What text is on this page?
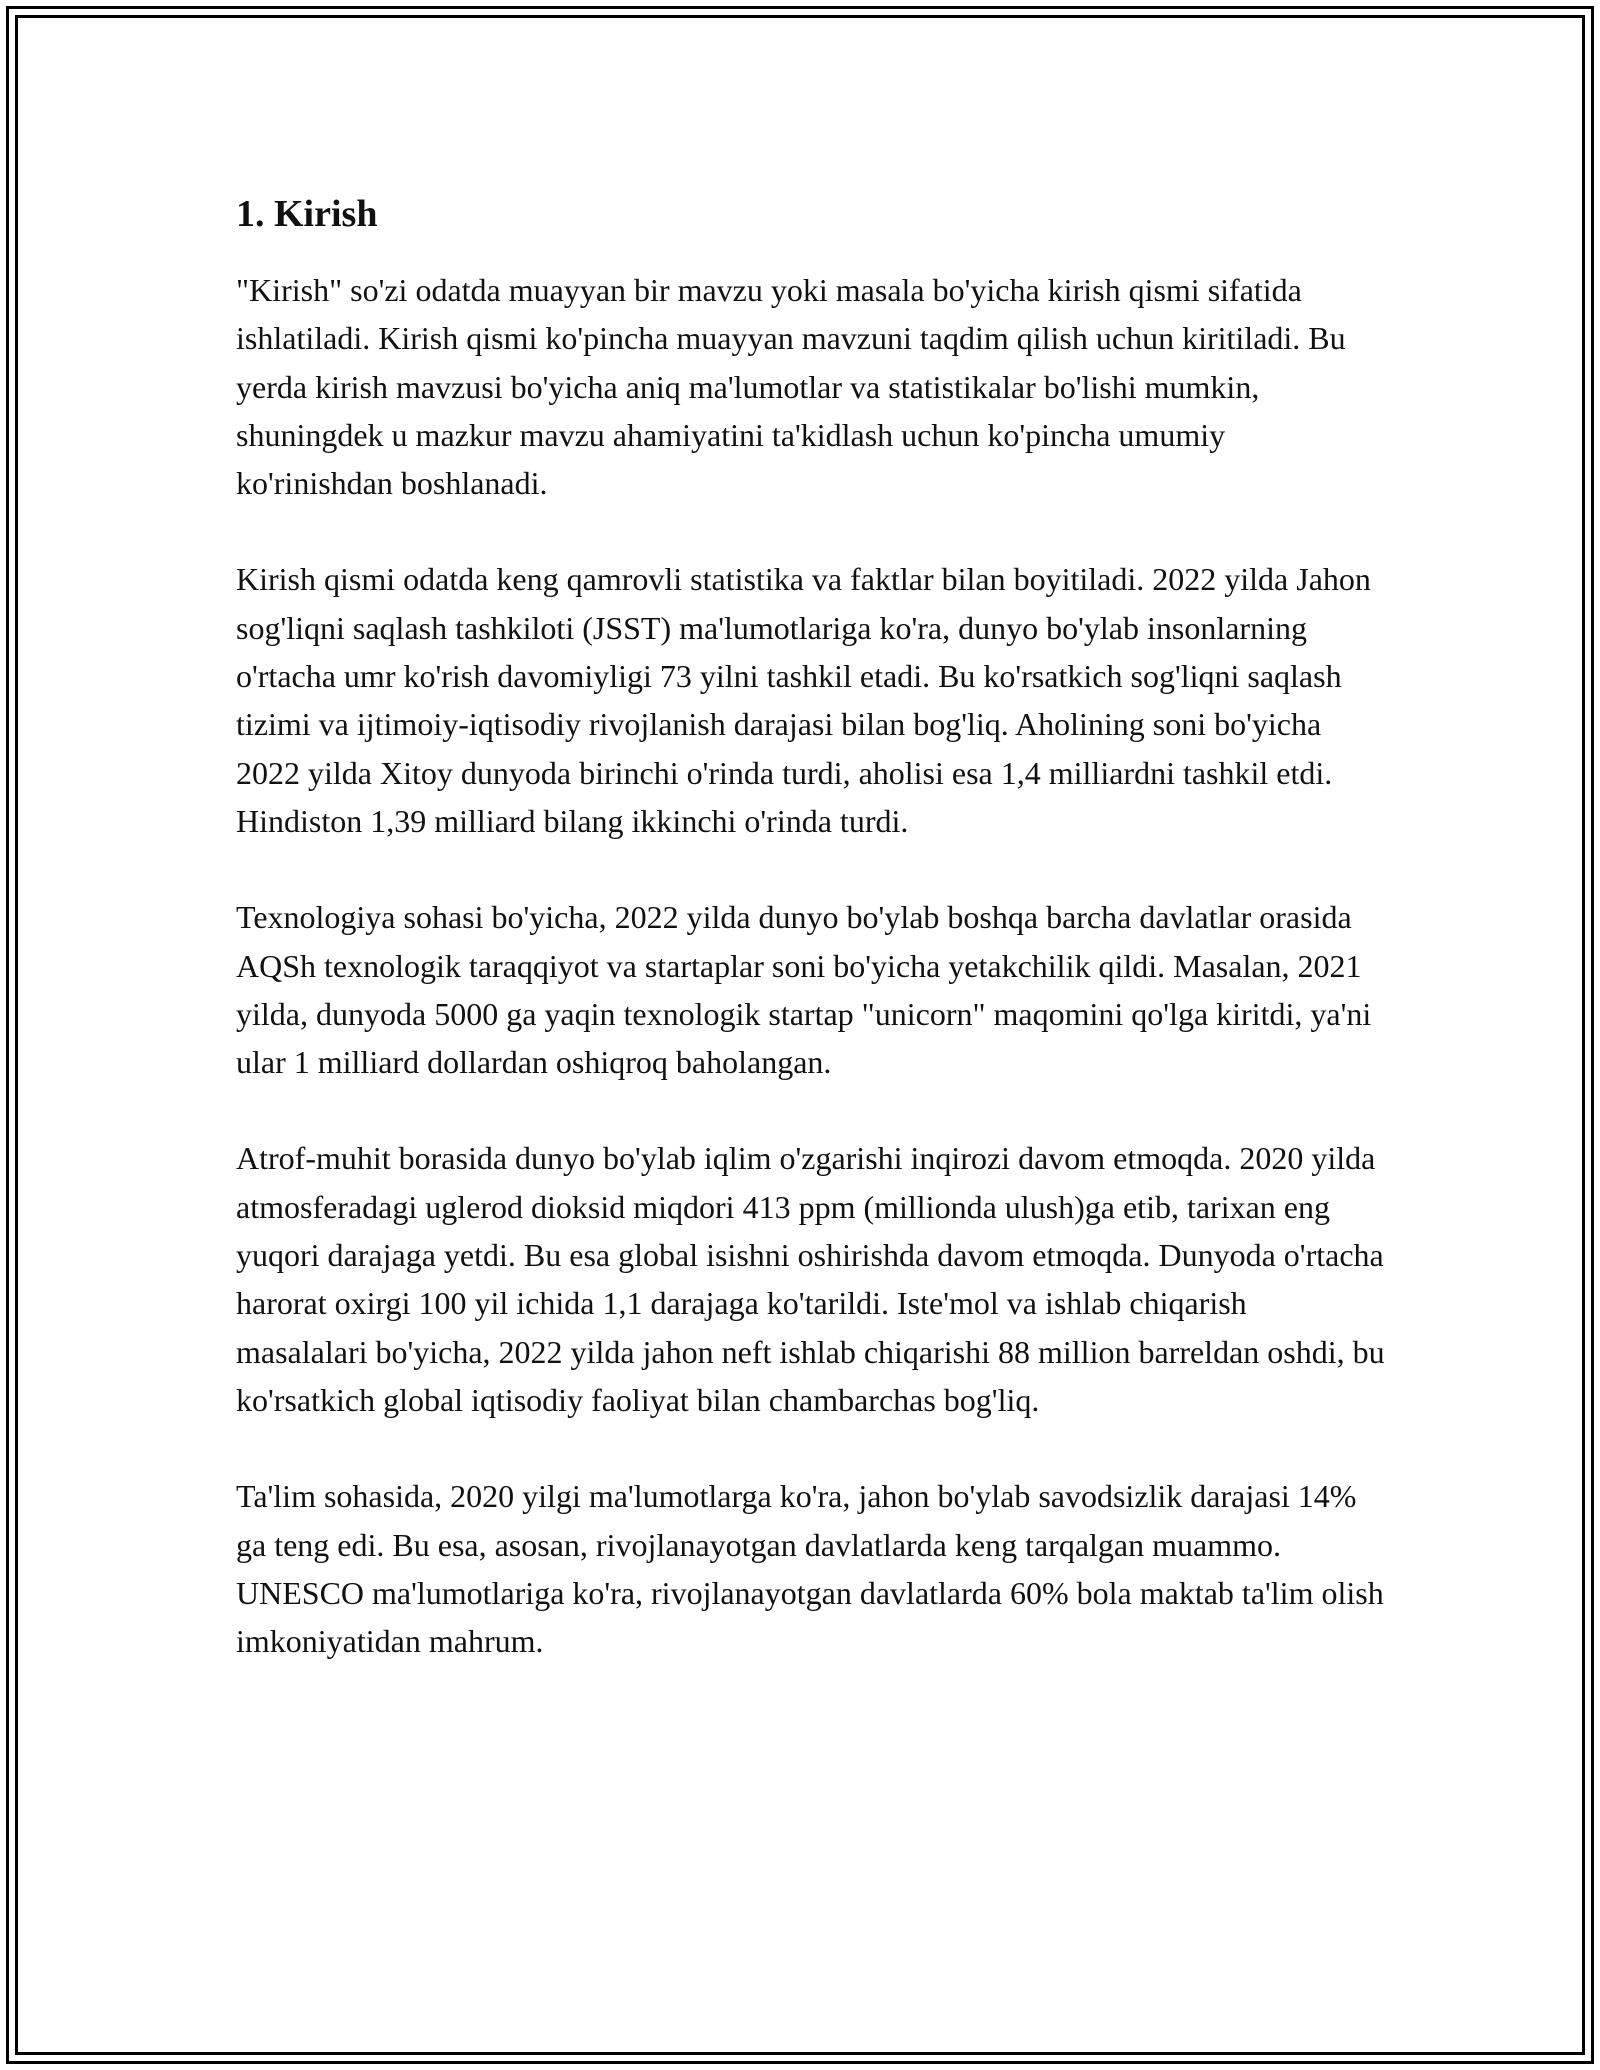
1. Kirish

"Kirish" so'zi odatda muayyan bir mavzu yoki masala bo'yicha kirish qismi sifatida ishlatiladi. Kirish qismi ko'pincha muayyan mavzuni taqdim qilish uchun kiritiladi. Bu yerda kirish mavzusi bo'yicha aniq ma'lumotlar va statistikalar bo'lishi mumkin, shuningdek u mazkur mavzu ahamiyatini ta'kidlash uchun ko'pincha umumiy ko'rinishdan boshlanadi.

Kirish qismi odatda keng qamrovli statistika va faktlar bilan boyitiladi. 2022 yilda Jahon sog'liqni saqlash tashkiloti (JSST) ma'lumotlariga ko'ra, dunyo bo'ylab insonlarning o'rtacha umr ko'rish davomiyligi 73 yilni tashkil etadi. Bu ko'rsatkich sog'liqni saqlash tizimi va ijtimoiy-iqtisodiy rivojlanish darajasi bilan bog'liq. Aholining soni bo'yicha 2022 yilda Xitoy dunyoda birinchi o'rinda turdi, aholisi esa 1,4 milliardni tashkil etdi. Hindiston 1,39 milliard bilang ikkinchi o'rinda turdi.

Texnologiya sohasi bo'yicha, 2022 yilda dunyo bo'ylab boshqa barcha davlatlar orasida AQSh texnologik taraqqiyot va startaplar soni bo'yicha yetakchilik qildi. Masalan, 2021 yilda, dunyoda 5000 ga yaqin texnologik startap "unicorn" maqomini qo'lga kiritdi, ya'ni ular 1 milliard dollardan oshiqroq baholangan.

Atrof-muhit borasida dunyo bo'ylab iqlim o'zgarishi inqirozi davom etmoqda. 2020 yilda atmosferadagi uglerod dioksid miqdori 413 ppm (millionda ulush)ga etib, tarixan eng yuqori darajaga yetdi. Bu esa global isishni oshirishda davom etmoqda. Dunyoda o'rtacha harorat oxirgi 100 yil ichida 1,1 darajaga ko'tarildi. Iste'mol va ishlab chiqarish masalalari bo'yicha, 2022 yilda jahon neft ishlab chiqarishi 88 million barreldan oshdi, bu ko'rsatkich global iqtisodiy faoliyat bilan chambarchas bog'liq.

Ta'lim sohasida, 2020 yilgi ma'lumotlarga ko'ra, jahon bo'ylab savodsizlik darajasi 14% ga teng edi. Bu esa, asosan, rivojlanayotgan davlatlarda keng tarqalgan muammo. UNESCO ma'lumotlariga ko'ra, rivojlanayotgan davlatlarda 60% bola maktab ta'lim olish imkoniyatidan mahrum.
